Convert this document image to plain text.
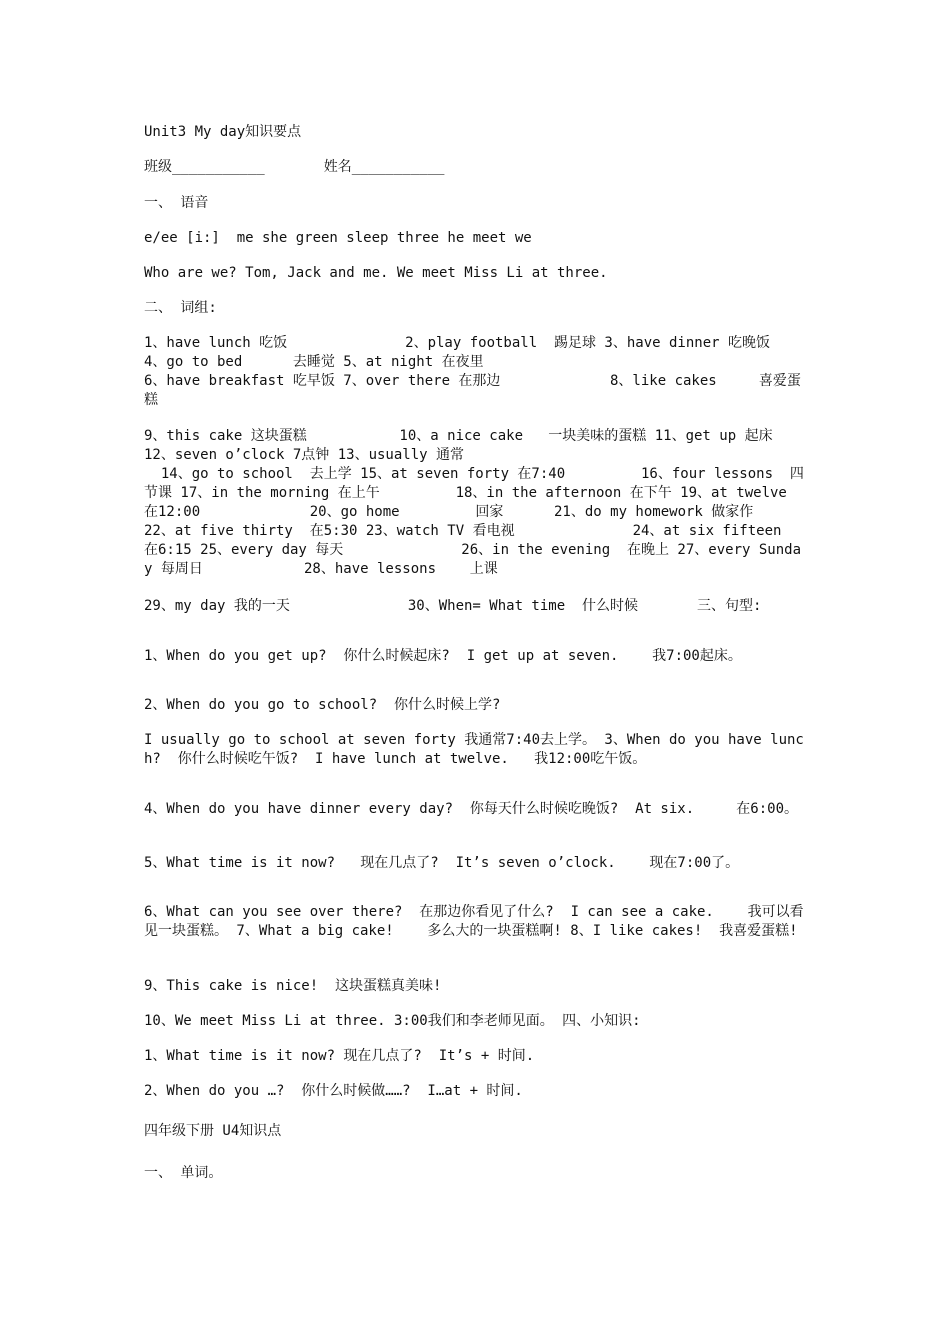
Unit3 My day知识要点
班级___________       姓名___________
一、 语音
e/ee [i:]  me she green sleep three he meet we
Who are we? Tom, Jack and me. We meet Miss Li at three.
二、 词组:
1、have lunch 吃饭              2、play football  踢足球 3、have dinner 吃晚饭          4、go to bed      去睡觉 5、at night 在夜里
6、have breakfast 吃早饭 7、over there 在那边             8、like cakes     喜爱蛋糕
9、this cake 这块蛋糕           10、a nice cake   一块美味的蛋糕 11、get up 起床            12、seven o’clock 7点钟 13、usually 通常
14、go to school  去上学 15、at seven forty 在7:40         16、four lessons  四节课 17、in the morning 在上午         18、in the afternoon 在下午 19、at twelve 在12:00             20、go home         回家      21、do my homework 做家作          22、at five thirty  在5:30 23、watch TV 看电视              24、at six fifteen  在6:15 25、every day 每天              26、in the evening  在晚上 27、every Sunday 每周日            28、have lessons    上课
29、my day 我的一天              30、When= What time  什么时候       三、句型:
1、When do you get up?  你什么时候起床?  I get up at seven.    我7:00起床。
2、When do you go to school?  你什么时候上学?
I usually go to school at seven forty 我通常7:40去上学。 3、When do you have lunch?  你什么时候吃午饭?  I have lunch at twelve.   我12:00吃午饭。
4、When do you have dinner every day?  你每天什么时候吃晚饭?  At six.     在6:00。
5、What time is it now?   现在几点了?  It’s seven o’clock.    现在7:00了。
6、What can you see over there?  在那边你看见了什么?  I can see a cake.    我可以看见一块蛋糕。 7、What a big cake!    多么大的一块蛋糕啊! 8、I like cakes!  我喜爱蛋糕!
9、This cake is nice!  这块蛋糕真美味!
10、We meet Miss Li at three. 3:00我们和李老师见面。 四、小知识:
1、What time is it now? 现在几点了?  It’s + 时间.
2、When do you …?  你什么时候做……?  I…at + 时间.
四年级下册 U4知识点
一、 单词。
